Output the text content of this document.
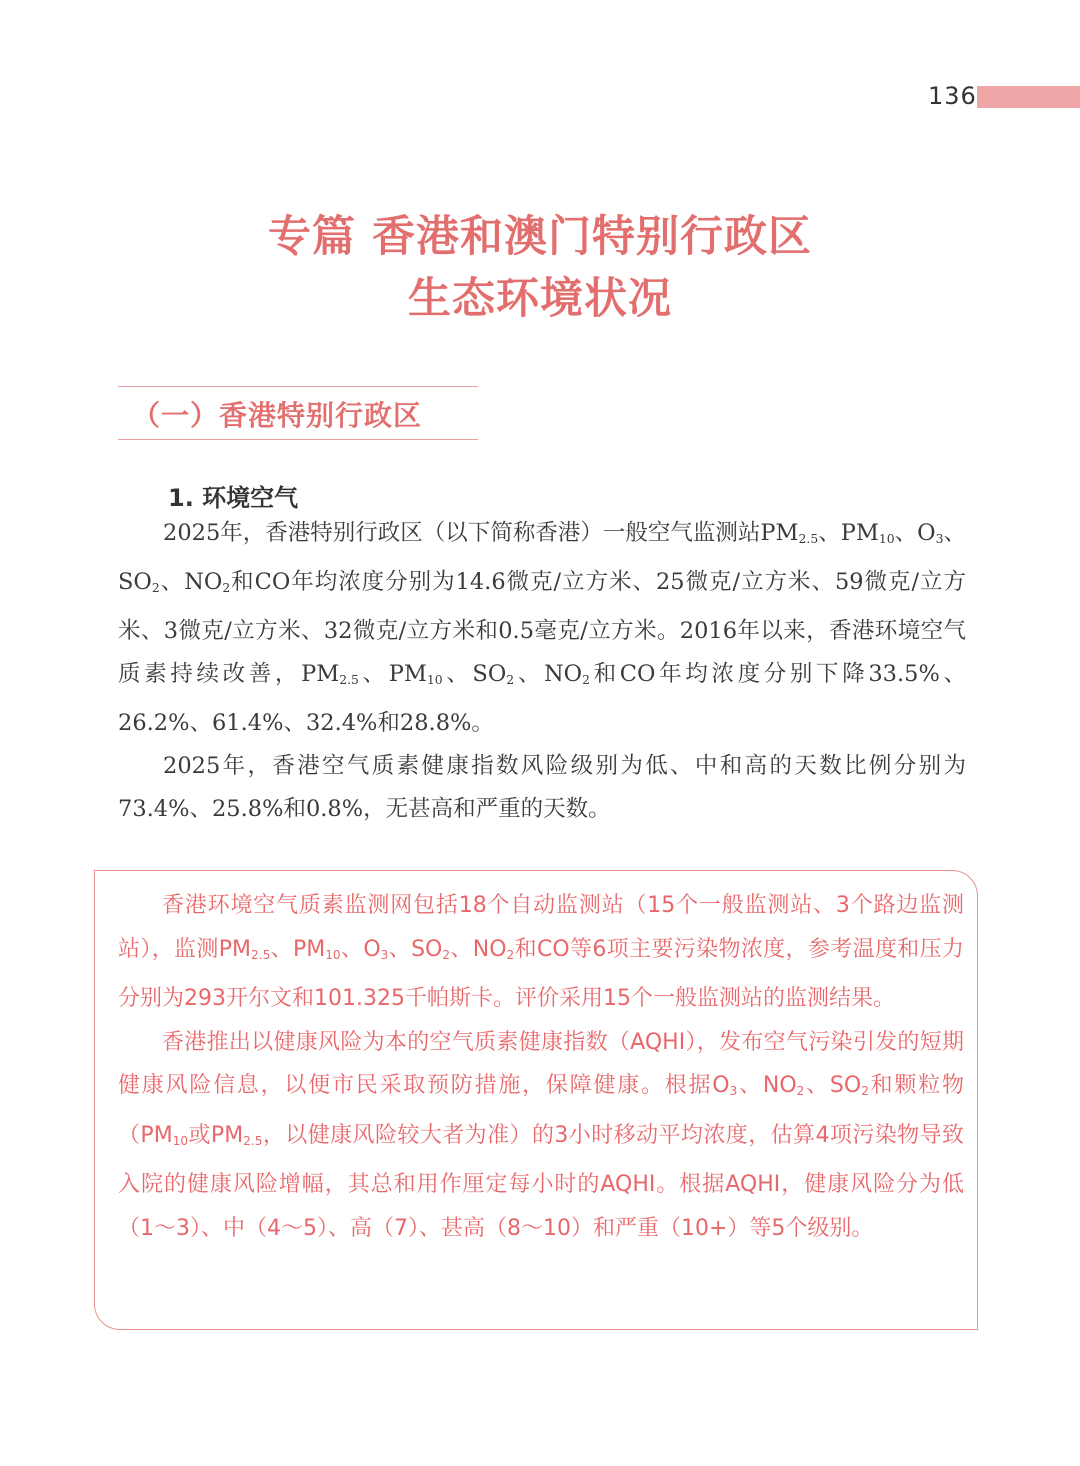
136
专篇 香港和澳门特别行政区
生态环境状况
（一）香港特别行政区
1. 环境空气

2025年，香港特别行政区（以下简称香港）一般空气监测站$PM_{2.5}$、$PM_{10}$、$O_3$、$SO_2$、$NO_2$和CO年均浓度分别为14.6微克/立方米、25微克/立方米、59微克/立方米、3微克/立方米、32微克/立方米和0.5毫克/立方米。2016年以来，香港环境空气质素持续改善，$PM_{2.5}$、$PM_{10}$、$SO_2$、$NO_2$和CO年均浓度分别下降33.5%、26.2%、61.4%、32.4%和28.8%。

2025年，香港空气质素健康指数风险级别为低、中和高的天数比例分别为73.4%、25.8%和0.8%，无甚高和严重的天数。

香港环境空气质素监测网包括18个自动监测站（15个一般监测站、3个路边监测站），监测$PM_{2.5}$、$PM_{10}$、$O_3$、$SO_2$、$NO_2$和CO等6项主要污染物浓度，参考温度和压力分别为293开尔文和101.325千帕斯卡。评价采用15个一般监测站的监测结果。

香港推出以健康风险为本的空气质素健康指数（AQHI），发布空气污染引发的短期健康风险信息，以便市民采取预防措施，保障健康。根据$O_3$、$NO_2$、$SO_2$和颗粒物（$PM_{10}$或$PM_{2.5}$，以健康风险较大者为准）的3小时移动平均浓度，估算4项污染物导致入院的健康风险增幅，其总和用作厘定每小时的AQHI。根据AQHI，健康风险分为低（1～3）、中（4～5）、高（7）、甚高（8～10）和严重（10+）等5个级别。
